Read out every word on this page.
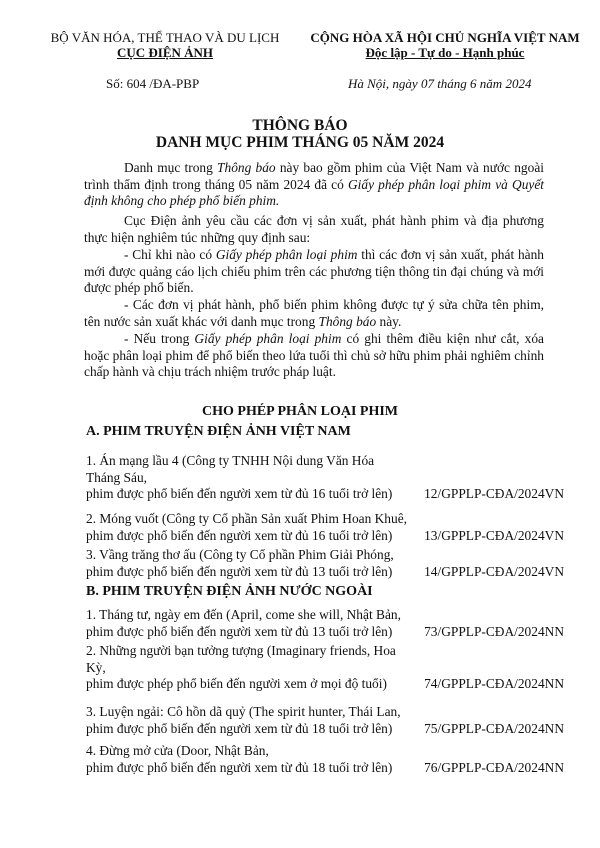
BỘ VĂN HÓA, THỂ THAO VÀ DU LỊCH
CỤC ĐIỆN ẢNH
CỘNG HÒA XÃ HỘI CHỦ NGHĨA VIỆT NAM
Độc lập - Tự do - Hạnh phúc
Số: 604 /ĐA-PBP	Hà Nội, ngày 07 tháng 6 năm 2024
THÔNG BÁO
DANH MỤC PHIM THÁNG 05 NĂM 2024
Danh mục trong Thông báo này bao gồm phim của Việt Nam và nước ngoài trình thẩm định trong tháng 05 năm 2024 đã có Giấy phép phân loại phim và Quyết định không cho phép phổ biến phim.
Cục Điện ảnh yêu cầu các đơn vị sản xuất, phát hành phim và địa phương thực hiện nghiêm túc những quy định sau:
- Chỉ khi nào có Giấy phép phân loại phim thì các đơn vị sản xuất, phát hành mới được quảng cáo lịch chiếu phim trên các phương tiện thông tin đại chúng và mới được phép phổ biến.
- Các đơn vị phát hành, phổ biến phim không được tự ý sửa chữa tên phim, tên nước sản xuất khác với danh mục trong Thông báo này.
- Nếu trong Giấy phép phân loại phim có ghi thêm điều kiện như cắt, xóa hoặc phân loại phim để phổ biến theo lứa tuổi thì chủ sở hữu phim phải nghiêm chỉnh chấp hành và chịu trách nhiệm trước pháp luật.
CHO PHÉP PHÂN LOẠI PHIM
A. PHIM TRUYỆN ĐIỆN ẢNH VIỆT NAM
1. Án mạng lầu 4 (Công ty TNHH Nội dung Văn Hóa Tháng Sáu,
phim được phổ biến đến người xem từ đủ 16 tuổi trở lên)	12/GPPLP-CĐA/2024VN
2. Móng vuốt (Công ty Cổ phần Sản xuất Phim Hoan Khuê,
phim được phổ biến đến người xem từ đủ 16 tuổi trở lên)	13/GPPLP-CĐA/2024VN
3. Vầng trăng thơ ấu (Công ty Cổ phần Phim Giải Phóng,
phim được phổ biến đến người xem từ đủ 13 tuổi trở lên)	14/GPPLP-CĐA/2024VN
B. PHIM TRUYỆN ĐIỆN ẢNH NƯỚC NGOÀI
1. Tháng tư, ngày em đến (April, come she will, Nhật Bản,
phim được phổ biến đến người xem từ đủ 13 tuổi trở lên)	73/GPPLP-CĐA/2024NN
2. Những người bạn tưởng tượng (Imaginary friends, Hoa Kỳ,
phim được phép phổ biến đến người xem ở mọi độ tuổi)	74/GPPLP-CĐA/2024NN
3. Luyện ngải: Cô hồn dã quỷ (The spirit hunter, Thái Lan,
phim được phổ biến đến người xem từ đủ 18 tuổi trở lên)	75/GPPLP-CĐA/2024NN
4. Đừng mở cửa (Door, Nhật Bản,
phim được phổ biến đến người xem từ đủ 18 tuổi trở lên)	76/GPPLP-CĐA/2024NN
